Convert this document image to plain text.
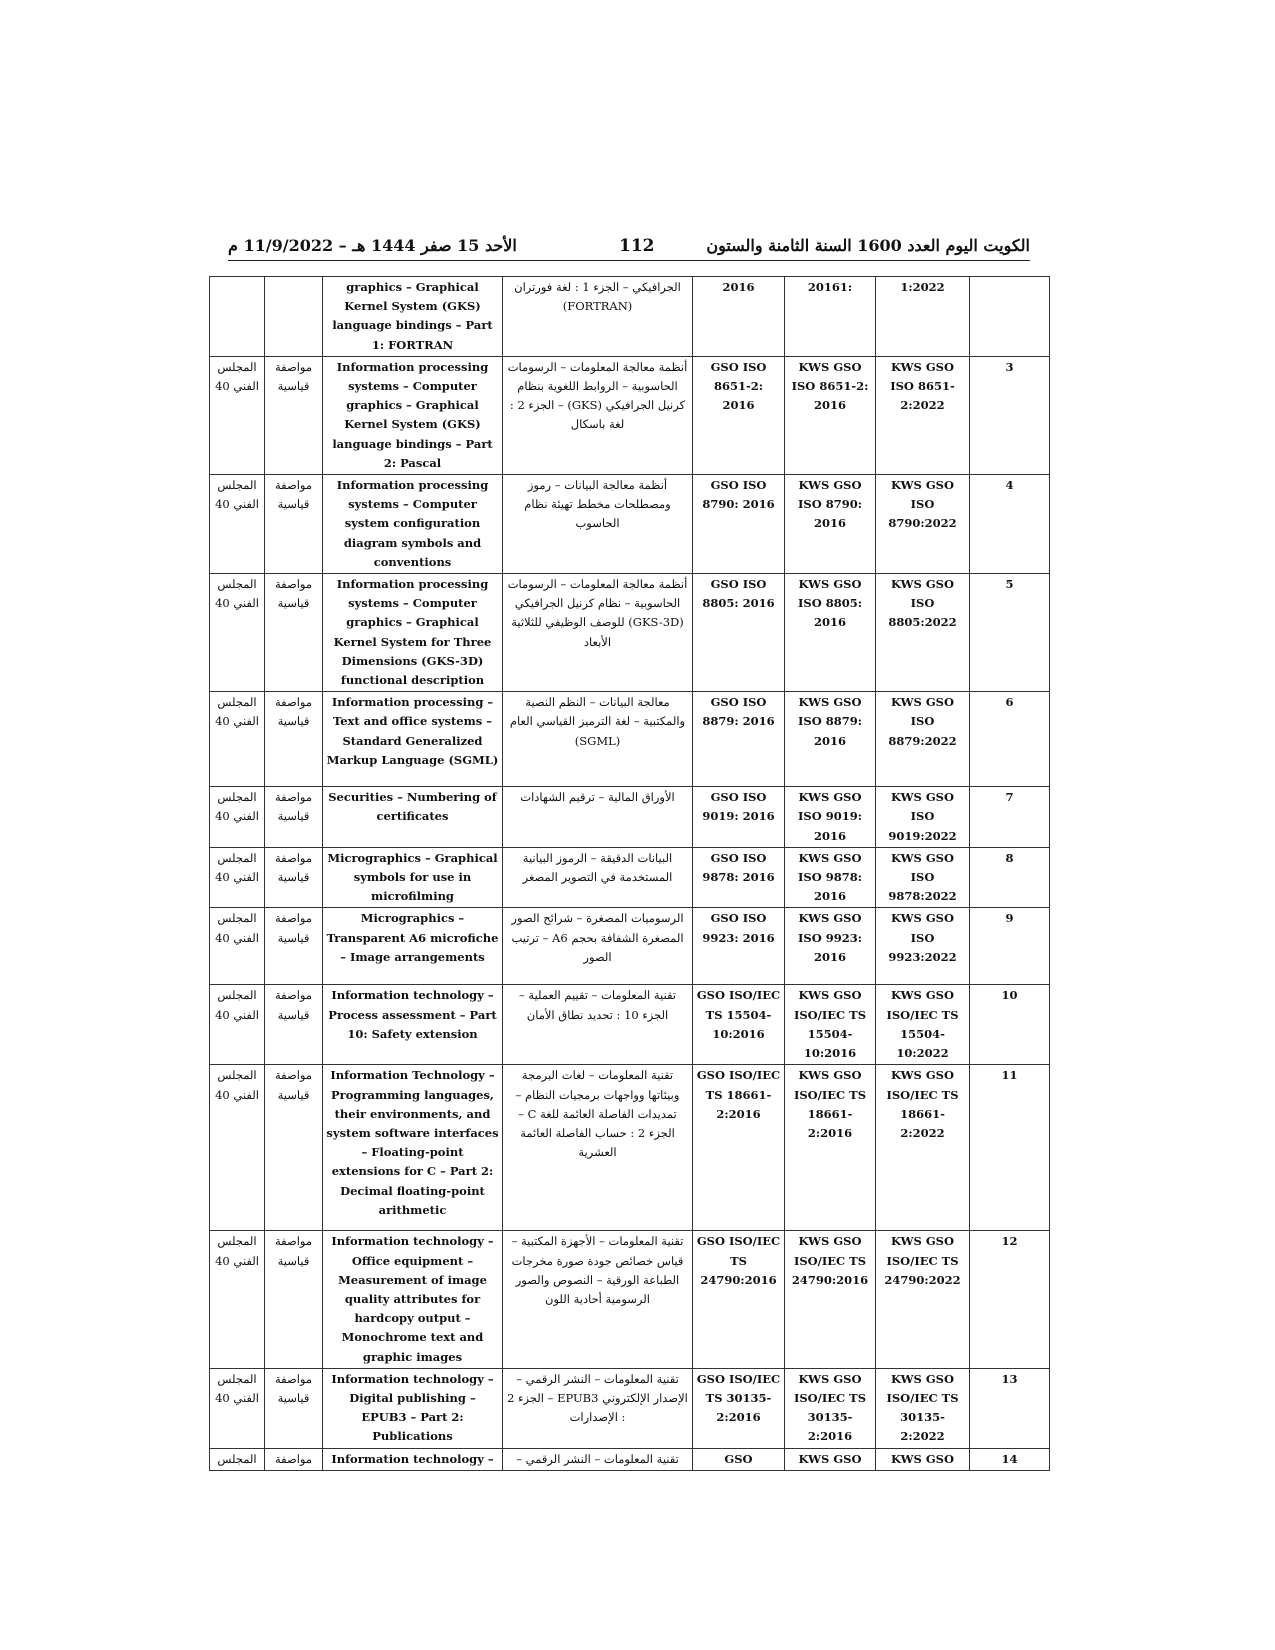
الأحد 15 صفر 1444 هـ – 11/9/2022 م	112	الكويت اليوم العدد 1600 السنة الثامنة والستون
		graphics – Graphical Kernel System (GKS) language bindings – Part 1: FORTRAN	الجرافيكي – الجزء 1 : لغة فورتران (FORTRAN)	2016	20161:	1:2022	
المجلس الفني 40	مواصفة قياسية	Information processing systems – Computer graphics – Graphical Kernel System (GKS) language bindings – Part 2: Pascal	أنظمة معالجة المعلومات – الرسومات الحاسوبية – الروابط اللغوية بنظام كرنيل الجرافيكي (GKS) – الجزء 2 : لغة باسكال	GSO ISO 8651-2: 2016	KWS GSO ISO 8651-2: 2016	KWS GSO ISO 8651-2:2022	3
المجلس الفني 40	مواصفة قياسية	Information processing systems – Computer system configuration diagram symbols and conventions	أنظمة معالجة البيانات – رموز ومصطلحات مخطط تهيئة نظام الحاسوب	GSO ISO 8790: 2016	KWS GSO ISO 8790: 2016	KWS GSO ISO 8790:2022	4
المجلس الفني 40	مواصفة قياسية	Information processing systems – Computer graphics – Graphical Kernel System for Three Dimensions (GKS-3D) functional description	أنظمة معالجة المعلومات – الرسومات الحاسوبية – نظام كرنيل الجرافيكي (GKS-3D) للوصف الوظيفي للثلاثية الأبعاد	GSO ISO 8805: 2016	KWS GSO ISO 8805: 2016	KWS GSO ISO 8805:2022	5
المجلس الفني 40	مواصفة قياسية	Information processing – Text and office systems – Standard Generalized Markup Language (SGML)	معالجة البيانات – النظم النصية والمكتبية – لغة الترميز القياسي العام (SGML)	GSO ISO 8879: 2016	KWS GSO ISO 8879: 2016	KWS GSO ISO 8879:2022	6
المجلس الفني 40	مواصفة قياسية	Securities – Numbering of certificates	الأوراق المالية – ترقيم الشهادات	GSO ISO 9019: 2016	KWS GSO ISO 9019: 2016	KWS GSO ISO 9019:2022	7
المجلس الفني 40	مواصفة قياسية	Micrographics – Graphical symbols for use in microfilming	البيانات الدقيقة – الرموز البيانية المستخدمة في التصوير المصغر	GSO ISO 9878: 2016	KWS GSO ISO 9878: 2016	KWS GSO ISO 9878:2022	8
المجلس الفني 40	مواصفة قياسية	Micrographics – Transparent A6 microfiche – Image arrangements	الرسوميات المصغرة – شرائح الصور المصغرة الشفافة بحجم A6 – ترتيب الصور	GSO ISO 9923: 2016	KWS GSO ISO 9923: 2016	KWS GSO ISO 9923:2022	9
المجلس الفني 40	مواصفة قياسية	Information technology – Process assessment – Part 10: Safety extension	تقنية المعلومات – تقييم العملية – الجزء 10 : تحديد نطاق الأمان	GSO ISO/IEC TS 15504-10:2016	KWS GSO ISO/IEC TS 15504-10:2016	KWS GSO ISO/IEC TS 15504-10:2022	10
المجلس الفني 40	مواصفة قياسية	Information Technology – Programming languages, their environments, and system software interfaces – Floating-point extensions for C – Part 2: Decimal floating-point arithmetic	تقنية المعلومات – لغات البرمجة وبيئاتها وواجهات برمجيات النظام – تمديدات الفاصلة العائمة للغة C – الجزء 2 : حساب الفاصلة العائمة العشرية	GSO ISO/IEC TS 18661-2:2016	KWS GSO ISO/IEC TS 18661-2:2016	KWS GSO ISO/IEC TS 18661-2:2022	11
المجلس الفني 40	مواصفة قياسية	Information technology – Office equipment – Measurement of image quality attributes for hardcopy output – Monochrome text and graphic images	تقنية المعلومات – الأجهزة المكتبية – قياس خصائص جودة صورة مخرجات الطباعة الورقية – النصوص والصور الرسومية أحادية اللون	GSO ISO/IEC TS 24790:2016	KWS GSO ISO/IEC TS 24790:2016	KWS GSO ISO/IEC TS 24790:2022	12
المجلس الفني 40	مواصفة قياسية	Information technology – Digital publishing – EPUB3 – Part 2: Publications	تقنية المعلومات – النشر الرقمي – الإصدار الإلكتروني EPUB3 – الجزء 2 : الإصدارات	GSO ISO/IEC TS 30135-2:2016	KWS GSO ISO/IEC TS 30135-2:2016	KWS GSO ISO/IEC TS 30135-2:2022	13
المجلس	مواصفة	Information technology –	تقنية المعلومات – النشر الرقمي –	GSO	KWS GSO	KWS GSO	14
